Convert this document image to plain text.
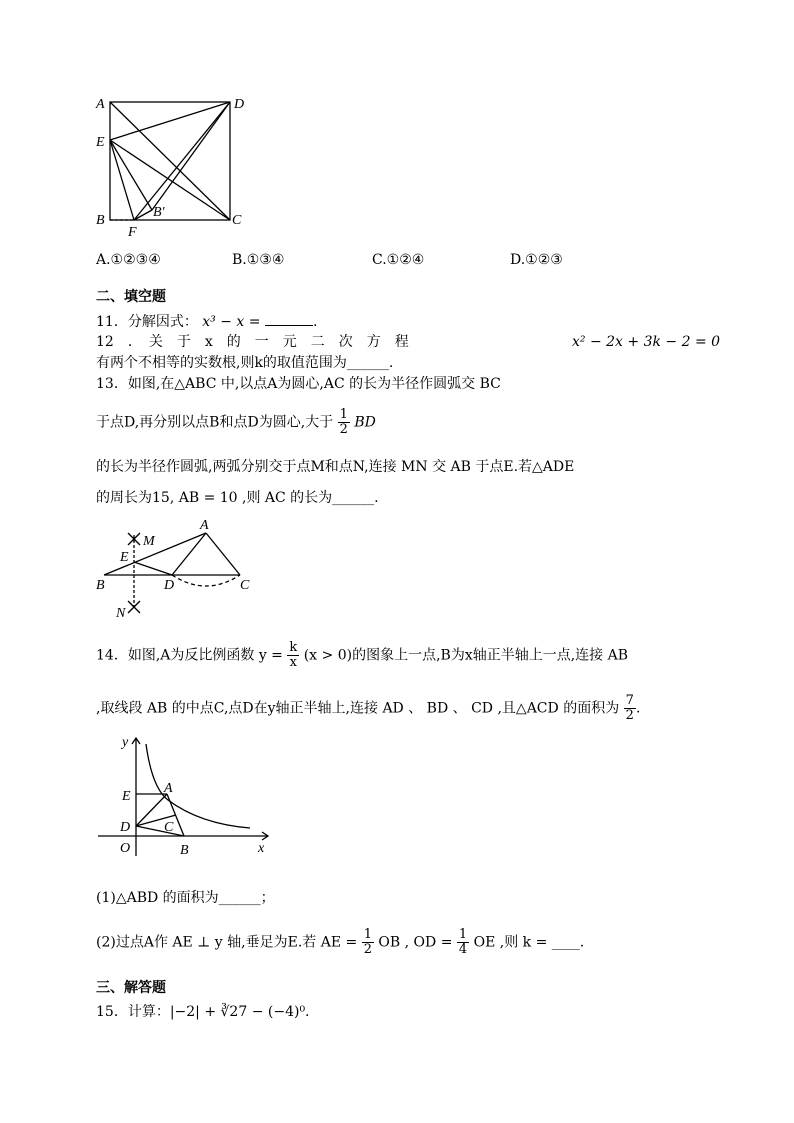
A	D
E
B
B′
C
F
A.①②③④	B.①③④	C.①②④	D.①②③
二、填空题
11．分解因式： x³ − x =	.
12　．　关　于　x　的　一　元　二　次　方　程	x² − 2x + 3k − 2 = 0
有两个不相等的实数根,则k的取值范围为______.
13．如图,在△ABC 中,以点A为圆心,AC 的长为半径作圆弧交 BC
于点D,再分别以点B和点D为圆心,大于 $\frac{1}{2}$ BD
的长为半径作圆弧,两弧分别交于点M和点N,连接 MN 交 AB 于点E.若△ADE
的周长为15, AB = 10 ,则 AC 的长为______.
A
M
E
B	D	C
N
14．如图,A为反比例函数 $y = \frac{k}{x} (x > 0)$的图象上一点,B为x轴正半轴上一点,连接 AB
,取线段 AB 的中点C,点D在y轴正半轴上,连接 AD 、 BD 、 CD ,且△ACD 的面积为 $\frac{7}{2}$ .
y
E
A
D C
O	B	x
(1)△ABD 的面积为______；
(2)过点A作 AE ⊥ y 轴,垂足为E.若 AE = $\frac{1}{2}$ OB , OD = $\frac{1}{4}$ OE ,则 k = ____.
三、解答题
15．计算：|−2| + ∛27 − (−4)⁰.
